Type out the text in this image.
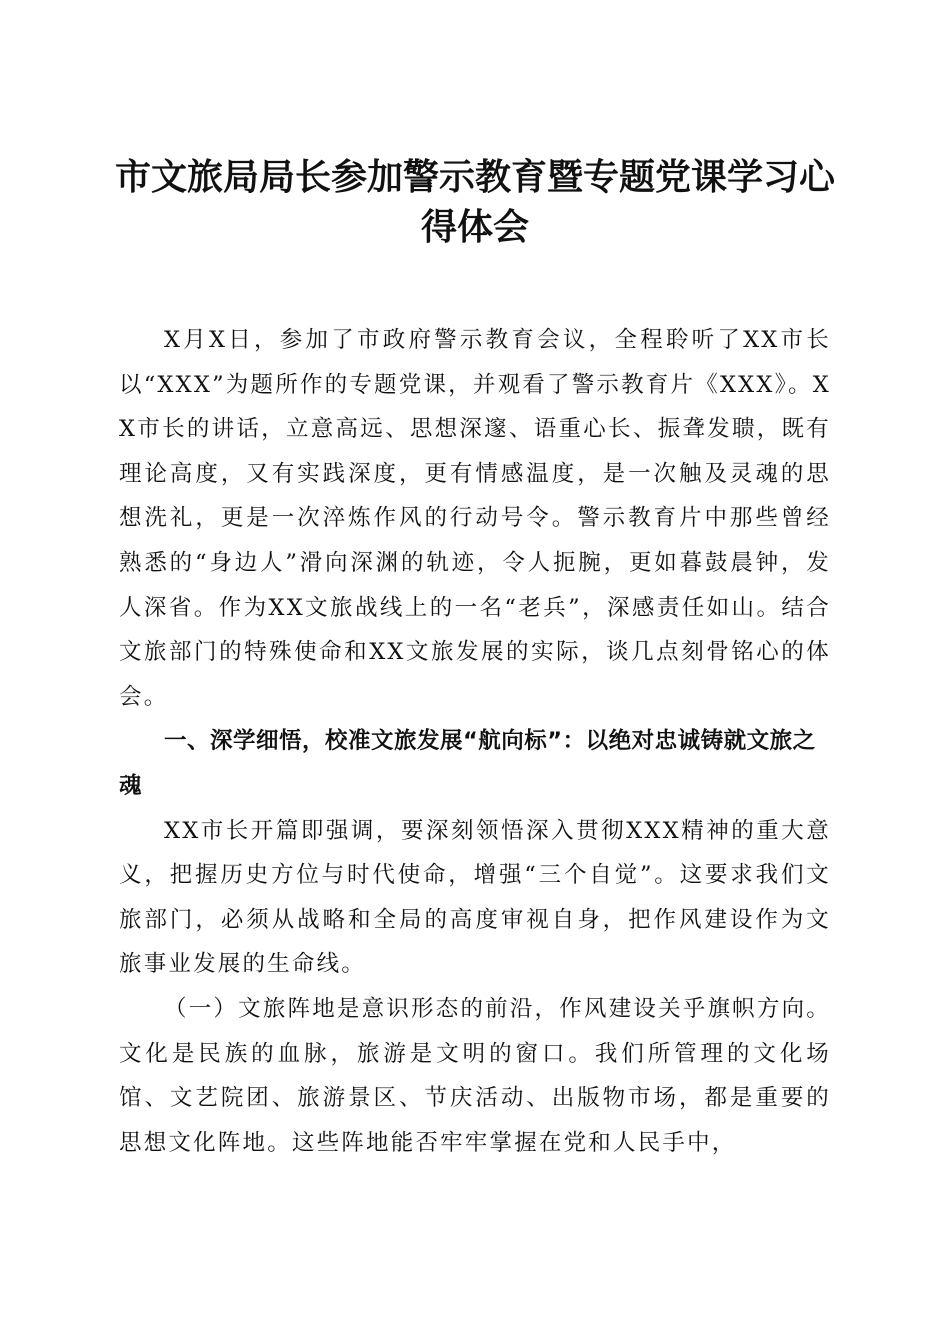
市文旅局局长参加警示教育暨专题党课学习心得体会

X月X日，参加了市政府警示教育会议，全程聆听了XX市长以“XXX”为题所作的专题党课，并观看了警示教育片《XXX》。XX市长的讲话，立意高远、思想深邃、语重心长、振聋发聩，既有理论高度，又有实践深度，更有情感温度，是一次触及灵魂的思想洗礼，更是一次淬炼作风的行动号令。警示教育片中那些曾经熟悉的“身边人”滑向深渊的轨迹，令人扼腕，更如暮鼓晨钟，发人深省。作为XX文旅战线上的一名“老兵”，深感责任如山。结合文旅部门的特殊使命和XX文旅发展的实际，谈几点刻骨铭心的体会。

一、深学细悟，校准文旅发展“航向标”：以绝对忠诚铸就文旅之魂

XX市长开篇即强调，要深刻领悟深入贯彻XXX精神的重大意义，把握历史方位与时代使命，增强“三个自觉”。这要求我们文旅部门，必须从战略和全局的高度审视自身，把作风建设作为文旅事业发展的生命线。

（一）文旅阵地是意识形态的前沿，作风建设关乎旗帜方向。文化是民族的血脉，旅游是文明的窗口。我们所管理的文化场馆、文艺院团、旅游景区、节庆活动、出版物市场，都是重要的思想文化阵地。这些阵地能否牢牢掌握在党和人民手中，
